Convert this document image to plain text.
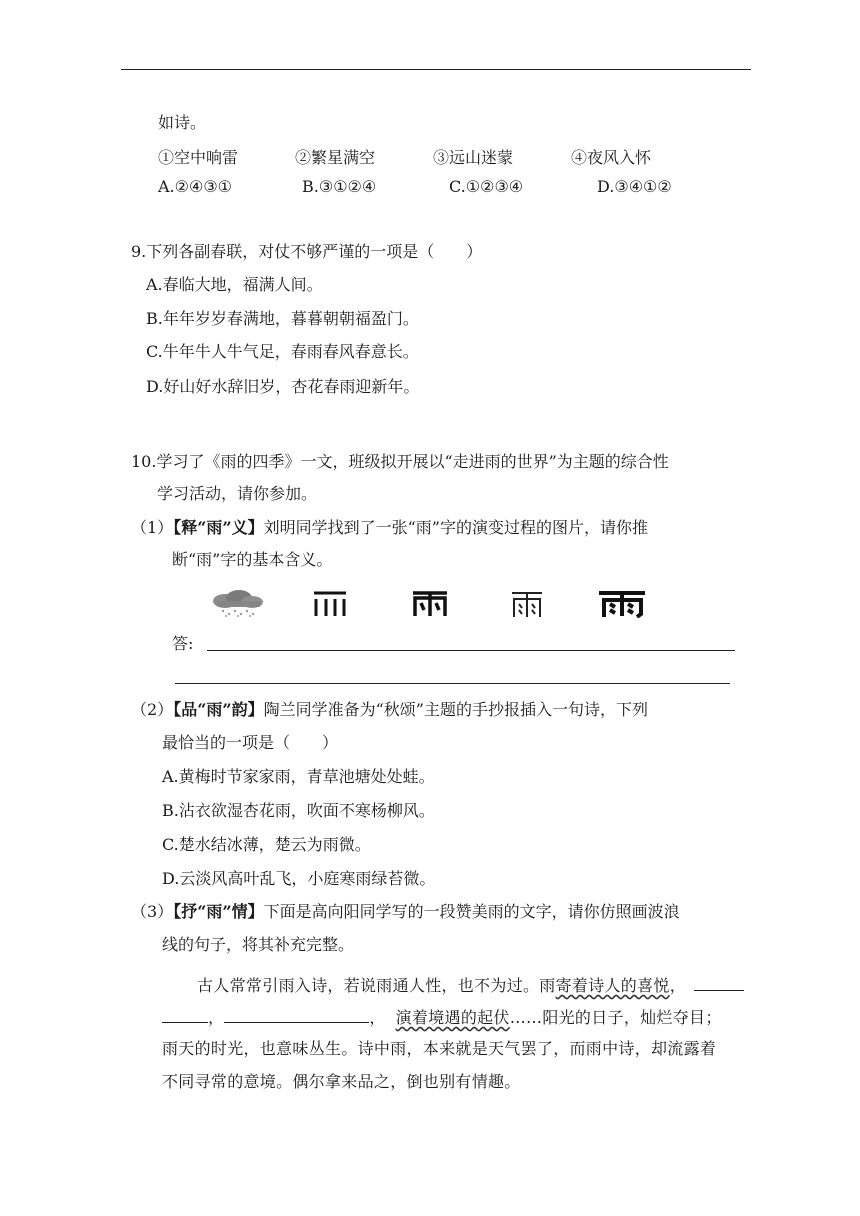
如诗。
①空中响雷	②繁星满空	③远山迷蒙	④夜风入怀
A.②④③①	B.③①②④	C.①②③④	D.③④①②
9.下列各副春联，对仗不够严谨的一项是（　　）
A.春临大地，福满人间。
B.年年岁岁春满地，暮暮朝朝福盈门。
C.牛年牛人牛气足，春雨春风春意长。
D.好山好水辞旧岁，杏花春雨迎新年。
10.学习了《雨的四季》一文，班级拟开展以“走进雨的世界”为主题的综合性
学习活动，请你参加。
（1）【释“雨”义】刘明同学找到了一张“雨”字的演变过程的图片，请你推
断“雨”字的基本含义。
答:
（2）【品“雨”韵】陶兰同学准备为“秋颂”主题的手抄报插入一句诗，下列
最恰当的一项是（　　）
A.黄梅时节家家雨，青草池塘处处蛙。
B.沾衣欲湿杏花雨，吹面不寒杨柳风。
C.楚水结冰薄，楚云为雨微。
D.云淡风高叶乱飞，小庭寒雨绿苔微。
（3）【抒“雨”情】下面是高向阳同学写的一段赞美雨的文字，请你仿照画波浪
线的句子，将其补充完整。
古人常常引雨入诗，若说雨通人性，也不为过。雨寄着诗人的喜悦，
，	， 演着境遇的起伏……阳光的日子，灿烂夺目；
雨天的时光，也意味丛生。诗中雨，本来就是天气罢了，而雨中诗，却流露着
不同寻常的意境。偶尔拿来品之，倒也别有情趣。
